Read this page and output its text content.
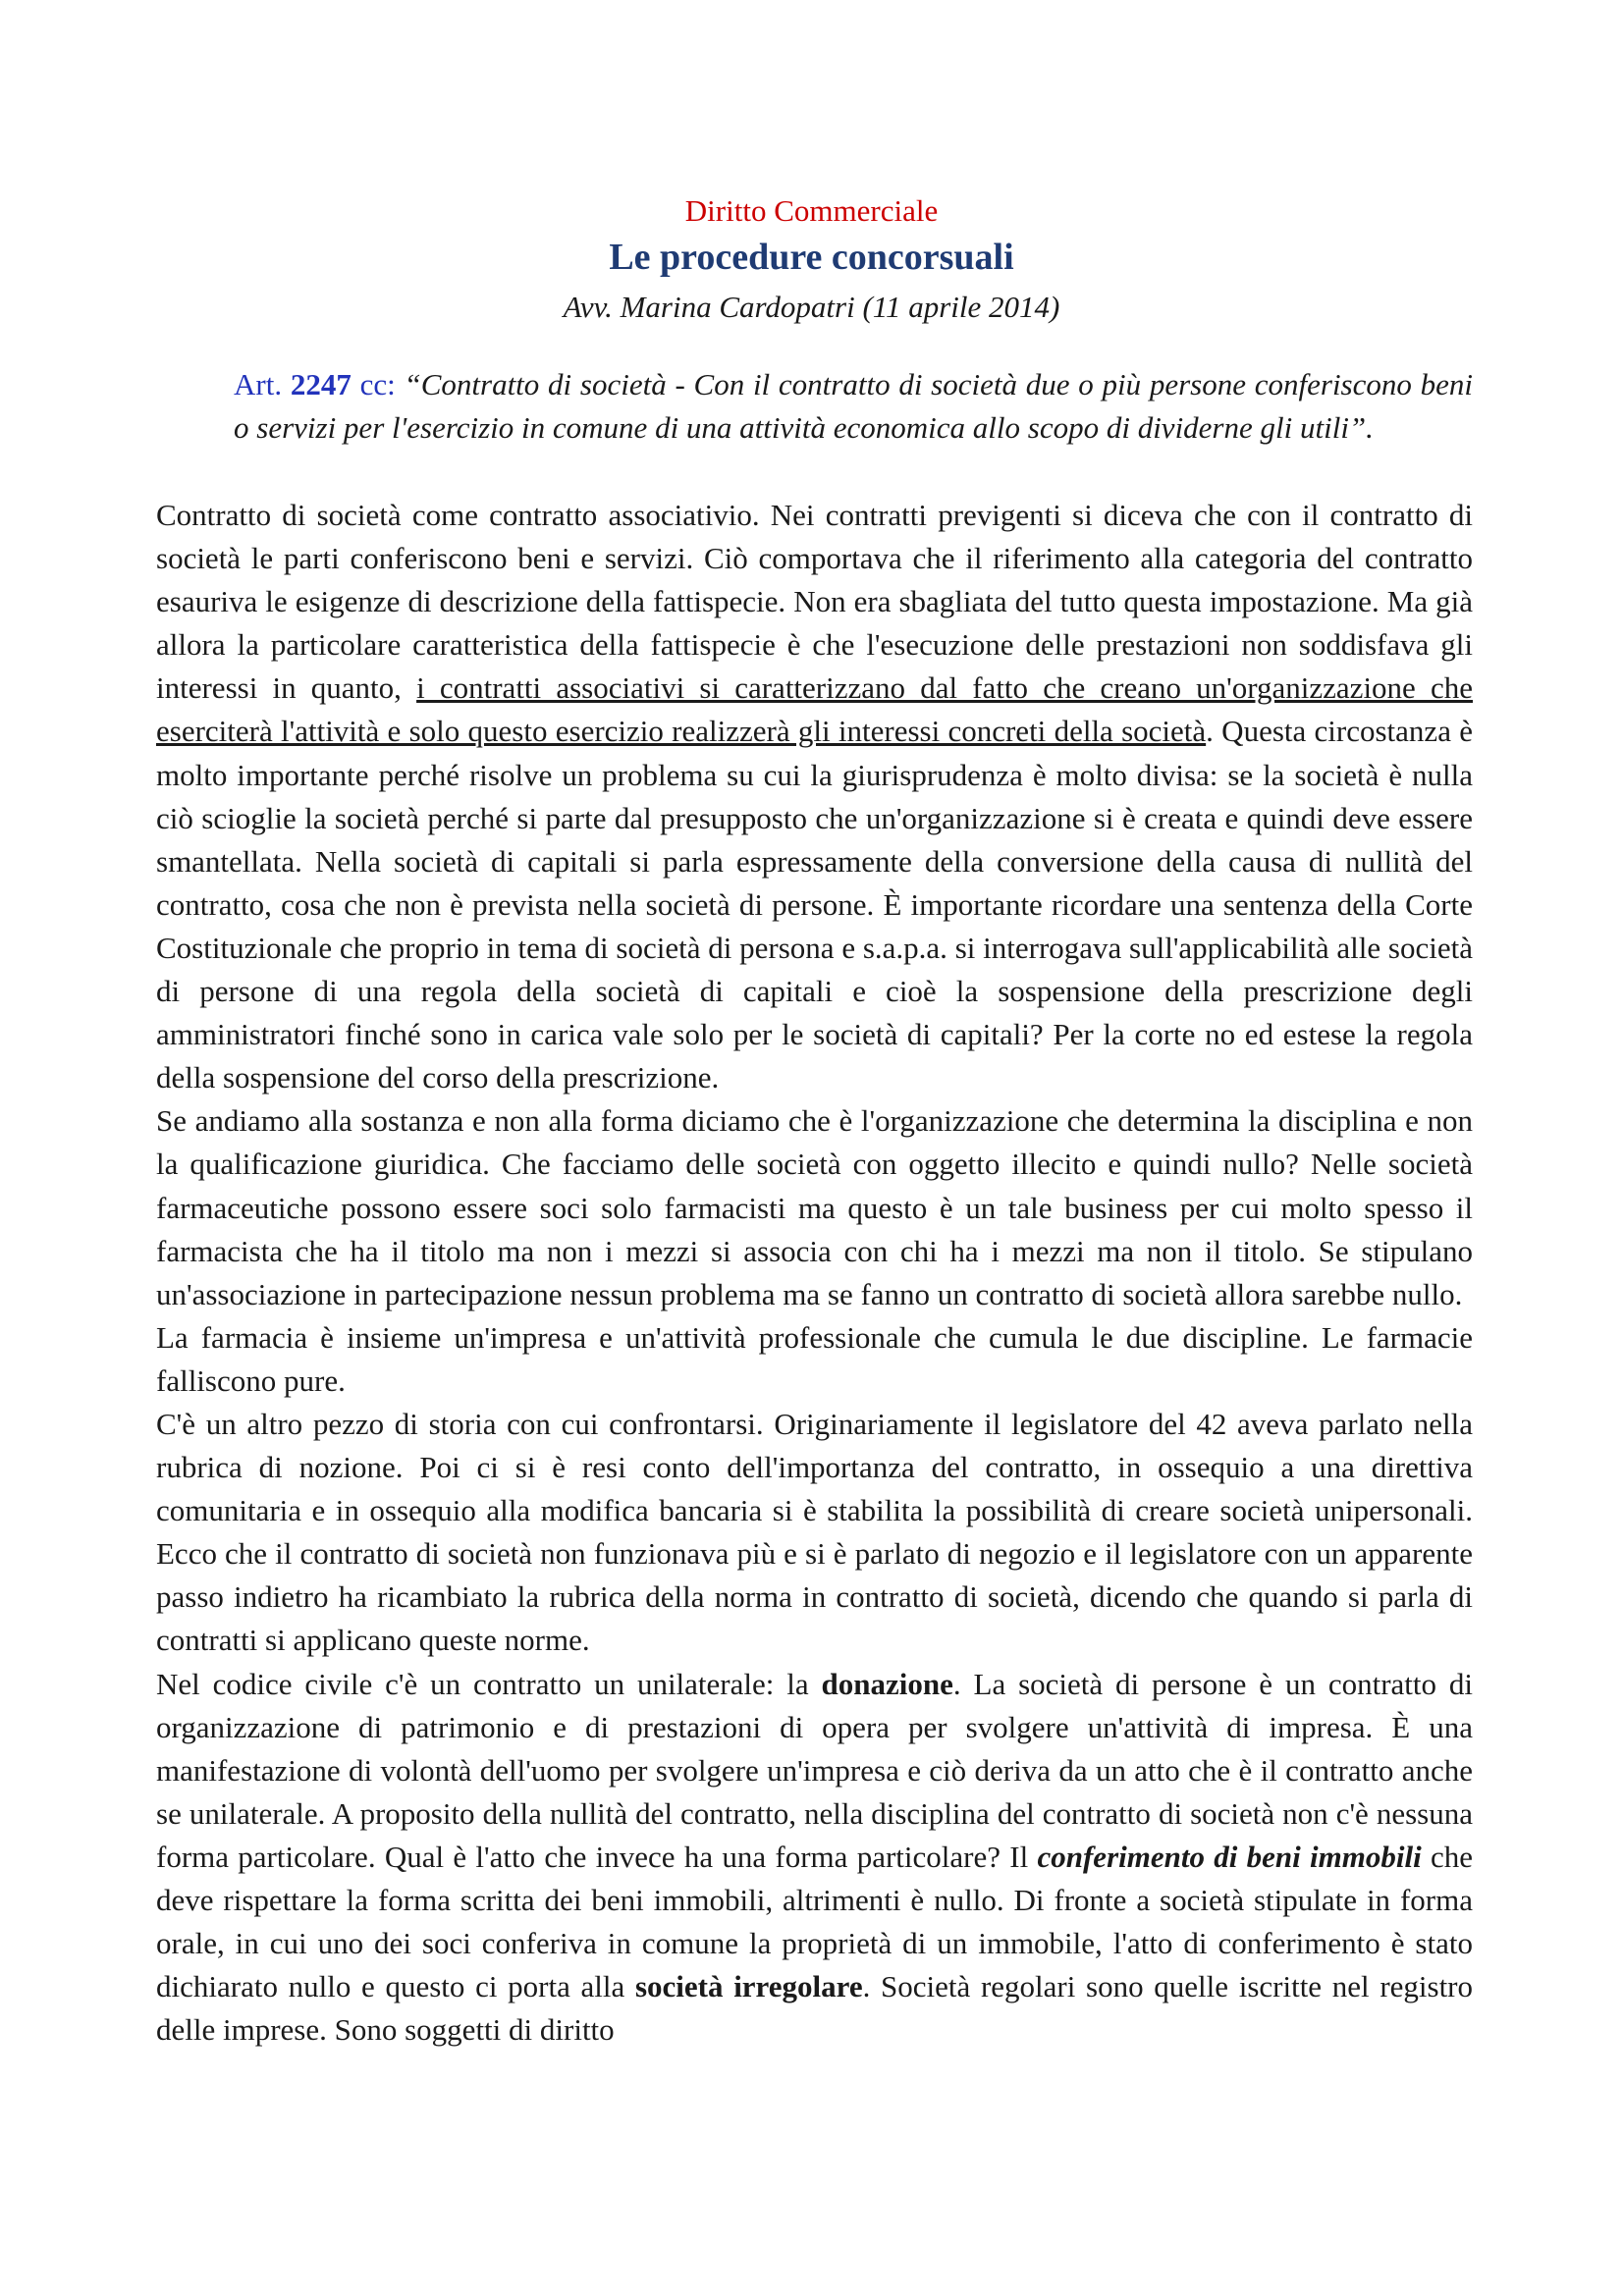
Diritto Commerciale
Le procedure concorsuali
Avv. Marina Cardopatri (11 aprile 2014)
Art. 2247 cc: “Contratto di società - Con il contratto di società due o più persone conferiscono beni o servizi per l'esercizio in comune di una attività economica allo scopo di dividerne gli utili”.

Contratto di società come contratto associativio. Nei contratti previgenti si diceva che con il contratto di società le parti conferiscono beni e servizi. Ciò comportava che il riferimento alla categoria del contratto esauriva le esigenze di descrizione della fattispecie. Non era sbagliata del tutto questa impostazione. Ma già allora la particolare caratteristica della fattispecie è che l'esecuzione delle prestazioni non soddisfava gli interessi in quanto, i contratti associativi si caratterizzano dal fatto che creano un'organizzazione che eserciterà l'attività e solo questo esercizio realizzerà gli interessi concreti della società. Questa circostanza è molto importante perché risolve un problema su cui la giurisprudenza è molto divisa: se la società è nulla ciò scioglie la società perché si parte dal presupposto che un'organizzazione si è creata e quindi deve essere smantellata. Nella società di capitali si parla espressamente della conversione della causa di nullità del contratto, cosa che non è prevista nella società di persone. È importante ricordare una sentenza della Corte Costituzionale che proprio in tema di società di persona e s.a.p.a. si interrogava sull'applicabilità alle società di persone di una regola della società di capitali e cioè la sospensione della prescrizione degli amministratori finché sono in carica vale solo per le società di capitali? Per la corte no ed estese la regola della sospensione del corso della prescrizione.

Se andiamo alla sostanza e non alla forma diciamo che è l'organizzazione che determina la disciplina e non la qualificazione giuridica. Che facciamo delle società con oggetto illecito e quindi nullo? Nelle società farmaceutiche possono essere soci solo farmacisti ma questo è un tale business per cui molto spesso il farmacista che ha il titolo ma non i mezzi si associa con chi ha i mezzi ma non il titolo. Se stipulano un'associazione in partecipazione nessun problema ma se fanno un contratto di società allora sarebbe nullo.

La farmacia è insieme un'impresa e un'attività professionale che cumula le due discipline. Le farmacie falliscono pure.

C'è un altro pezzo di storia con cui confrontarsi. Originariamente il legislatore del 42 aveva parlato nella rubrica di nozione. Poi ci si è resi conto dell'importanza del contratto, in ossequio a una direttiva comunitaria e in ossequio alla modifica bancaria si è stabilita la possibilità di creare società unipersonali. Ecco che il contratto di società non funzionava più e si è parlato di negozio e il legislatore con un apparente passo indietro ha ricambiato la rubrica della norma in contratto di società, dicendo che quando si parla di contratti si applicano queste norme.

Nel codice civile c'è un contratto un unilaterale: la donazione. La società di persone è un contratto di organizzazione di patrimonio e di prestazioni di opera per svolgere un'attività di impresa. È una manifestazione di volontà dell'uomo per svolgere un'impresa e ciò deriva da un atto che è il contratto anche se unilaterale. A proposito della nullità del contratto, nella disciplina del contratto di società non c'è nessuna forma particolare. Qual è l'atto che invece ha una forma particolare? Il conferimento di beni immobili che deve rispettare la forma scritta dei beni immobili, altrimenti è nullo. Di fronte a società stipulate in forma orale, in cui uno dei soci conferiva in comune la proprietà di un immobile, l'atto di conferimento è stato dichiarato nullo e questo ci porta alla società irregolare. Società regolari sono quelle iscritte nel registro delle imprese. Sono soggetti di diritto
